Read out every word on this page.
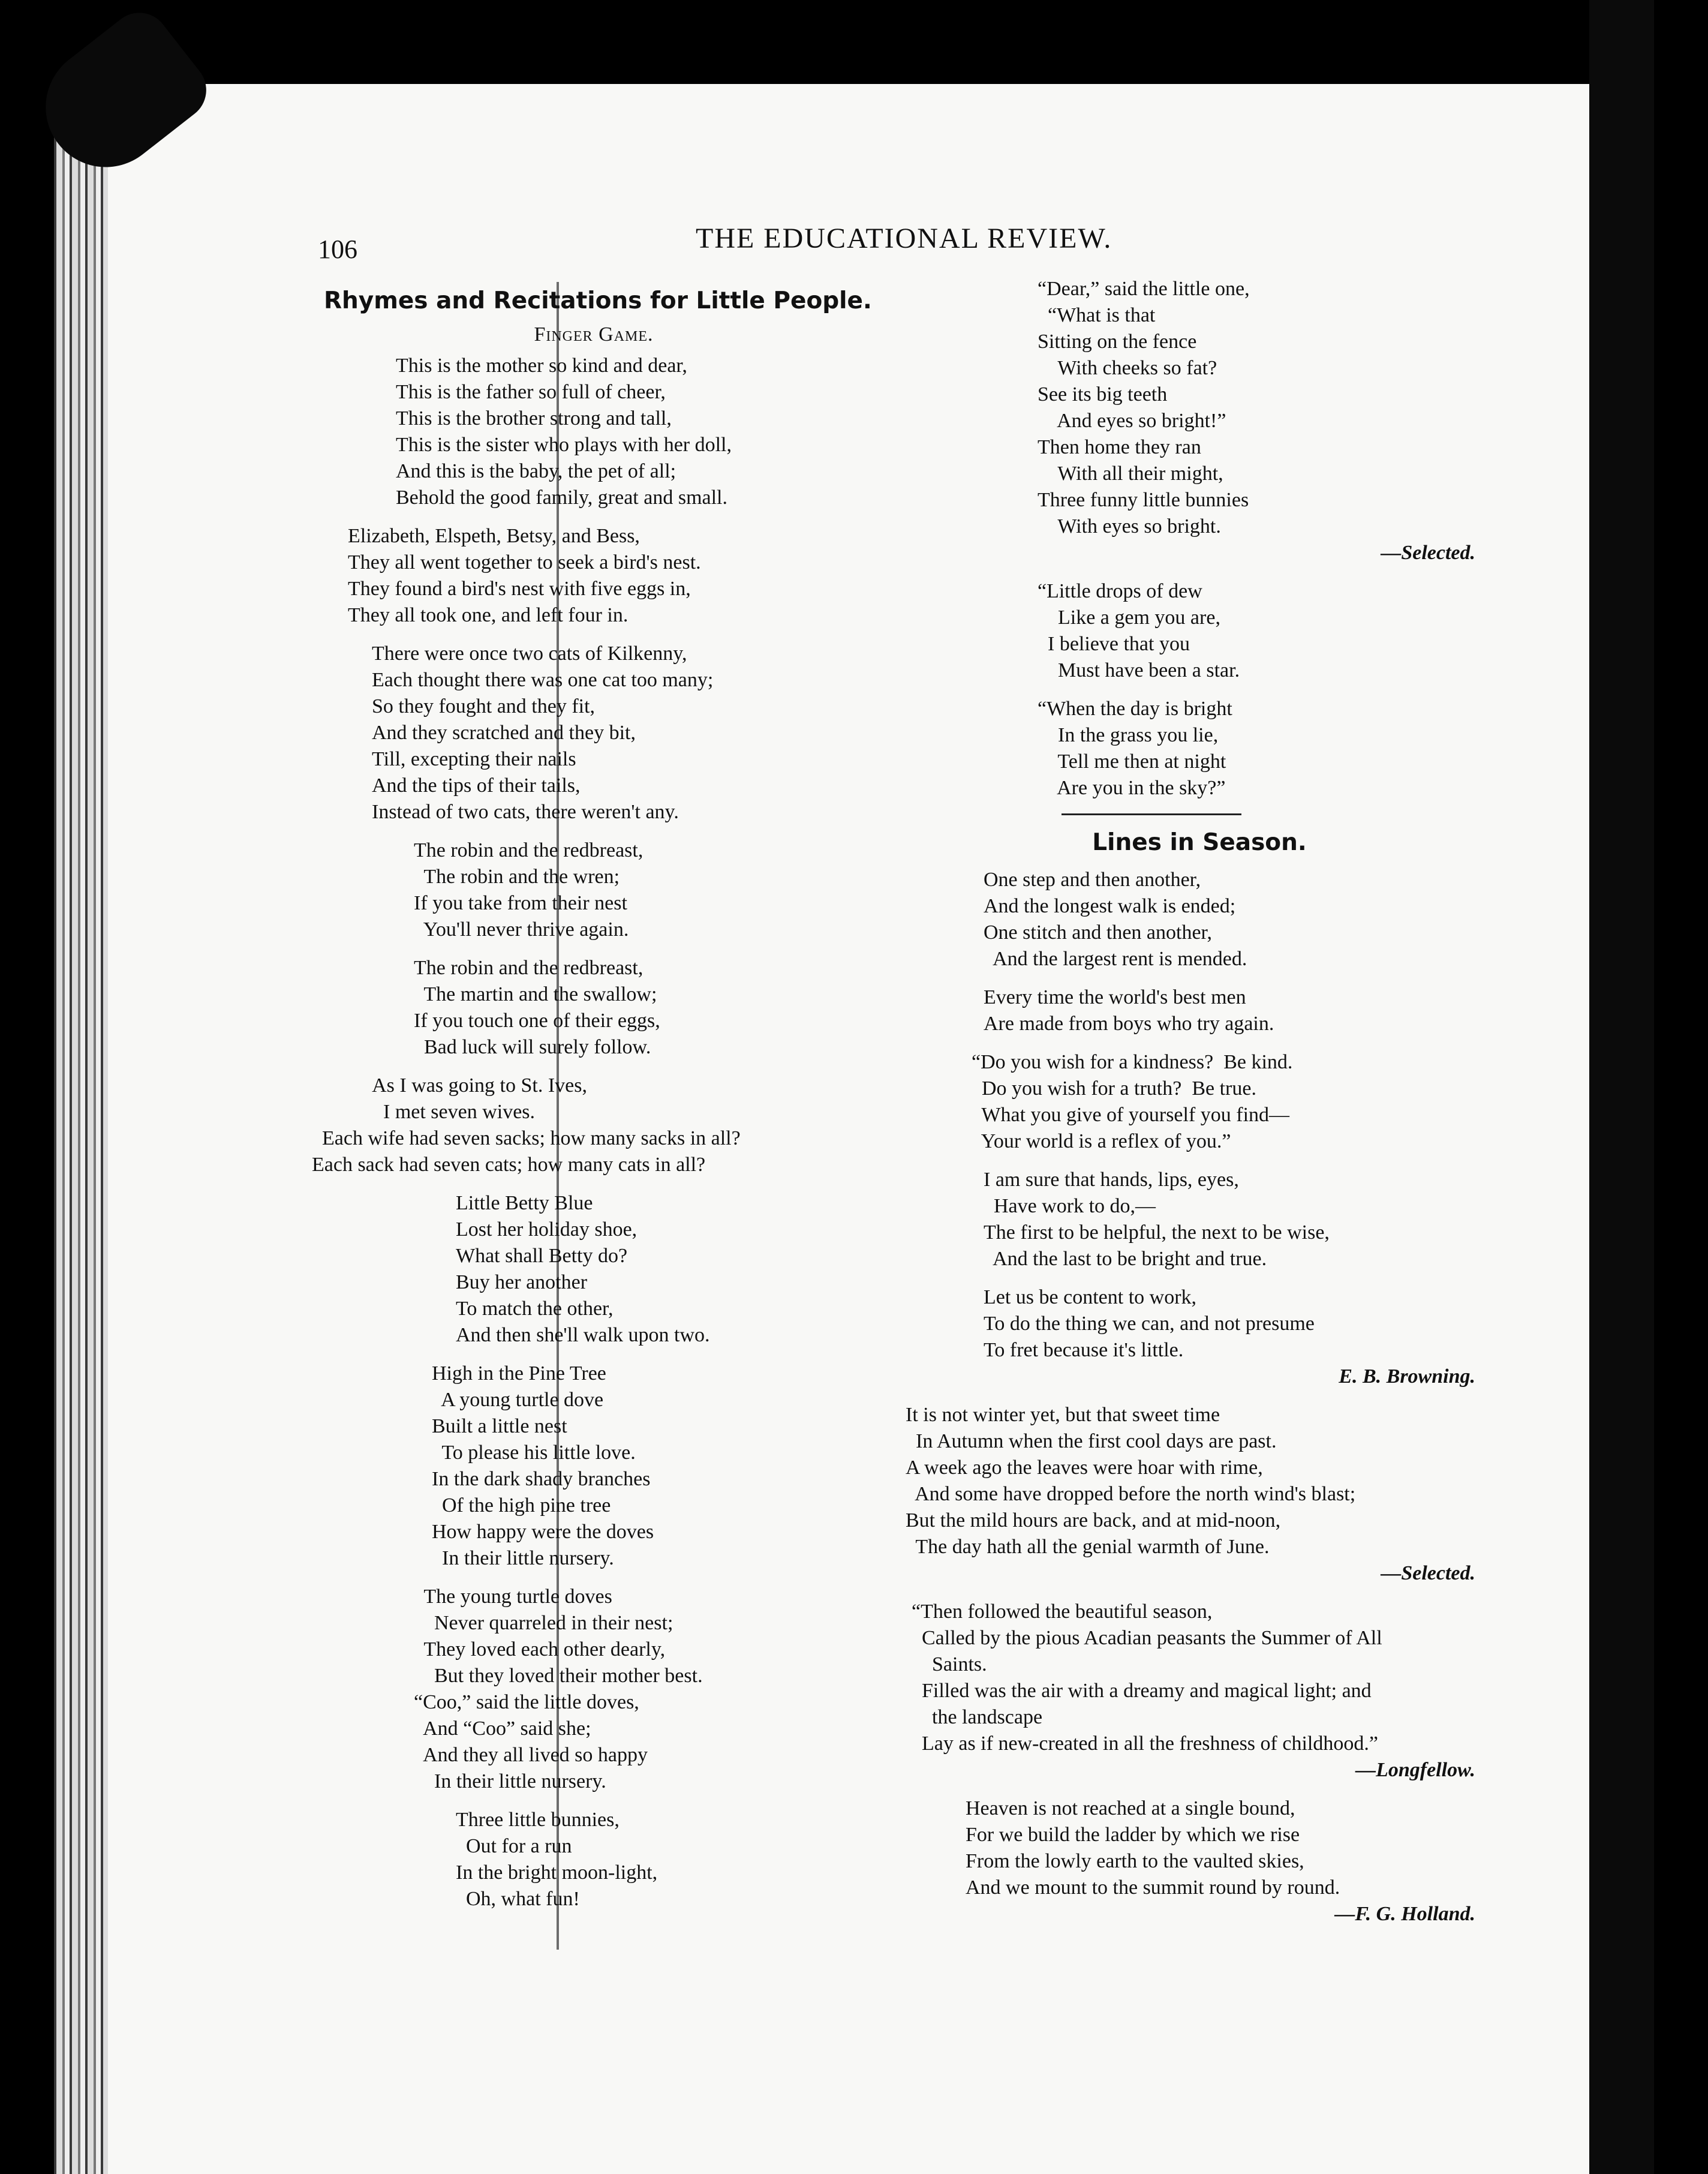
106	THE EDUCATIONAL REVIEW.
Rhymes and Recitations for Little People.
Finger Game.
This is the mother so kind and dear,
This is the father so full of cheer,
This is the brother strong and tall,
This is the sister who plays with her doll,
And this is the baby, the pet of all;
Behold the good family, great and small.
Elizabeth, Elspeth, Betsy, and Bess,
They all went together to seek a bird's nest.
They found a bird's nest with five eggs in,
They all took one, and left four in.
There were once two cats of Kilkenny,
Each thought there was one cat too many;
So they fought and they fit,
And they scratched and they bit,
Till, excepting their nails
And the tips of their tails,
Instead of two cats, there weren't any.
The robin and the redbreast,
The robin and the wren;
If you take from their nest
You'll never thrive again.
The robin and the redbreast,
The martin and the swallow;
If you touch one of their eggs,
Bad luck will surely follow.
As I was going to St. Ives,
I met seven wives.
Each wife had seven sacks; how many sacks in all?
Each sack had seven cats; how many cats in all?
Little Betty Blue
Lost her holiday shoe,
What shall Betty do?
Buy her another
To match the other,
And then she'll walk upon two.
High in the Pine Tree
A young turtle dove
Built a little nest
To please his little love.
In the dark shady branches
Of the high pine tree
How happy were the doves
In their little nursery.
The young turtle doves
Never quarreled in their nest;
They loved each other dearly,
But they loved their mother best.
“Coo,” said the little doves,
And “Coo” said she;
And they all lived so happy
In their little nursery.
Three little bunnies,
Out for a run
In the bright moon-light,
Oh, what fun!
“Dear,” said the little one,
“What is that
Sitting on the fence
With cheeks so fat?
See its big teeth
And eyes so bright!”
Then home they ran
With all their might,
Three funny little bunnies
With eyes so bright.
—Selected.
“Little drops of dew
Like a gem you are,
I believe that you
Must have been a star.
“When the day is bright
In the grass you lie,
Tell me then at night
Are you in the sky?”
Lines in Season.
One step and then another,
And the longest walk is ended;
One stitch and then another,
And the largest rent is mended.
Every time the world's best men
Are made from boys who try again.
“Do you wish for a kindness?  Be kind.
Do you wish for a truth?  Be true.
What you give of yourself you find—
Your world is a reflex of you.”
I am sure that hands, lips, eyes,
Have work to do,—
The first to be helpful, the next to be wise,
And the last to be bright and true.
Let us be content to work,
To do the thing we can, and not presume
To fret because it's little.
E. B. Browning.
It is not winter yet, but that sweet time
In Autumn when the first cool days are past.
A week ago the leaves were hoar with rime,
And some have dropped before the north wind's blast;
But the mild hours are back, and at mid-noon,
The day hath all the genial warmth of June.
—Selected.
“Then followed the beautiful season,
Called by the pious Acadian peasants the Summer of All
Saints.
Filled was the air with a dreamy and magical light; and
the landscape
Lay as if new-created in all the freshness of childhood.”
—Longfellow.
Heaven is not reached at a single bound,
For we build the ladder by which we rise
From the lowly earth to the vaulted skies,
And we mount to the summit round by round.
—F. G. Holland.
